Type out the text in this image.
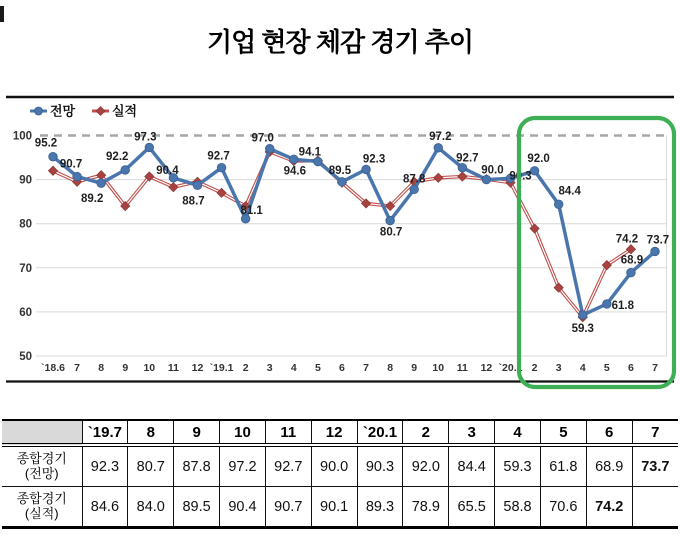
기업 현장 체감 경기 추이
50
60
70
80
90
100
`18.6 7 8 9 10 11 12 `19.1 2 3 4 5 6 7 8 9 10 11 12 `20.1 2 3 4 5 6 7
95.2
90.7
89.2
92.2
97.3
90.4
88.7
92.7
81.1
97.0
94.6
94.1
89.5
92.3
80.7
87.8
97.2
92.7
90.0 90.3
92.0
84.4
59.3
61.8
68.9
73.7
74.2
전망	실적
	`19.7	8	9	10	11	12	`20.1	2	3	4	5	6	7

종합경기
(전망)	92.3	80.7	87.8	97.2	92.7	90.0	90.3	92.0	84.4	59.3	61.8	68.9	73.7

종합경기
(실적)	84.6	84.0	89.5	90.4	90.7	90.1	89.3	78.9	65.5	58.8	70.6	74.2	
